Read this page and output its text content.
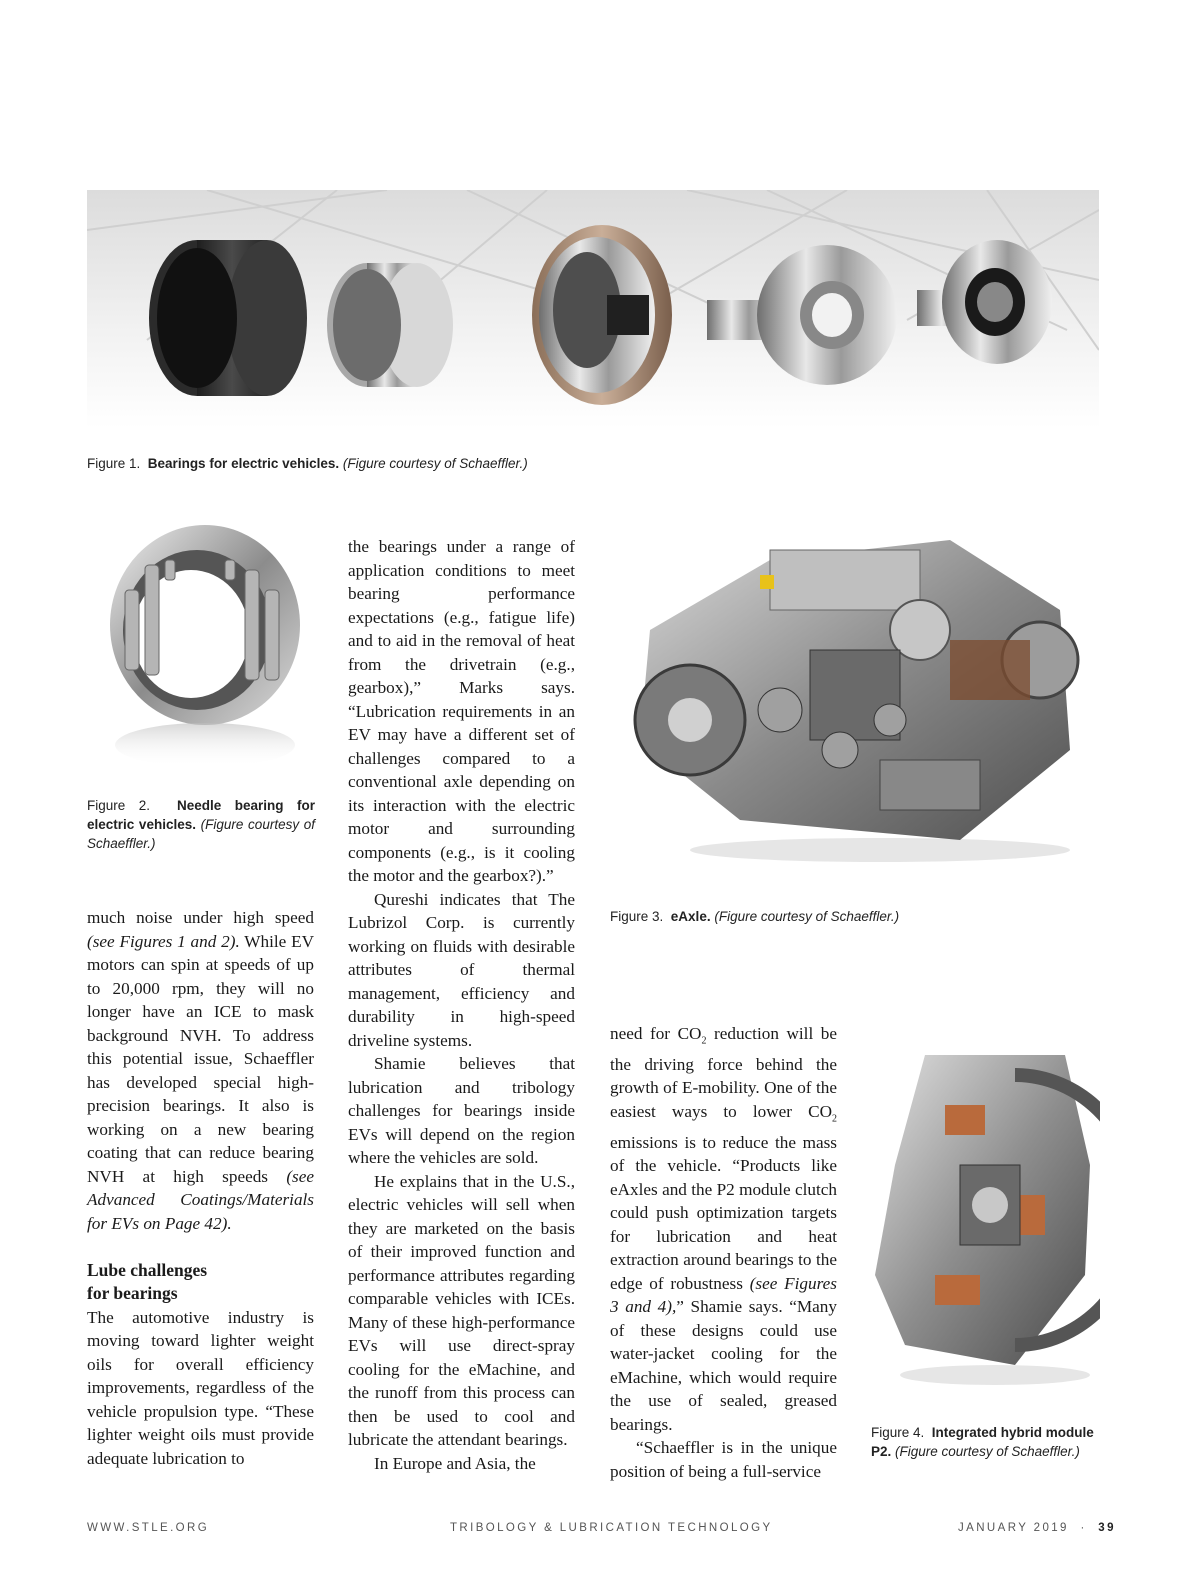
Figure 1. Bearings for electric vehicles. (Figure courtesy of Schaeffler.)
Figure 2. Needle bearing for electric vehicles. (Figure courtesy of Schaeffler.)
Figure 3. eAxle. (Figure courtesy of Schaeffler.)
Figure 4. Integrated hybrid module P2. (Figure courtesy of Schaeffler.)

much noise under high speed (see Figures 1 and 2). While EV motors can spin at speeds of up to 20,000 rpm, they will no longer have an ICE to mask background NVH. To address this potential issue, Schaeffler has developed special high-precision bearings. It also is working on a new bearing coating that can reduce bearing NVH at high speeds (see Advanced Coatings/Materials for EVs on Page 42).

Lube challenges
for bearings

The automotive industry is moving toward lighter weight oils for overall efficiency improvements, regardless of the vehicle propulsion type. “These lighter weight oils must provide adequate lubrication to

the bearings under a range of application conditions to meet bearing performance expectations (e.g., fatigue life) and to aid in the removal of heat from the drivetrain (e.g., gearbox),” Marks says. “Lubrication requirements in an EV may have a different set of challenges compared to a conventional axle depending on its interaction with the electric motor and surrounding components (e.g., is it cooling the motor and the gearbox?).”

Qureshi indicates that The Lubrizol Corp. is currently working on fluids with desirable attributes of thermal management, efficiency and durability in high-speed driveline systems.

Shamie believes that lubrication and tribology challenges for bearings inside EVs will depend on the region where the vehicles are sold.

He explains that in the U.S., electric vehicles will sell when they are marketed on the basis of their improved function and performance attributes regarding comparable vehicles with ICEs. Many of these high-performance EVs will use direct-spray cooling for the eMachine, and the runoff from this process can then be used to cool and lubricate the attendant bearings.

In Europe and Asia, the

need for $CO_2$ reduction will be the driving force behind the growth of E-mobility. One of the easiest ways to lower $CO_2$ emissions is to reduce the mass of the vehicle. “Products like eAxles and the P2 module clutch could push optimization targets for lubrication and heat extraction around bearings to the edge of robustness (see Figures 3 and 4),” Shamie says. “Many of these designs could use water-jacket cooling for the eMachine, which would require the use of sealed, greased bearings.

“Schaeffler is in the unique position of being a full-service

WWW.STLE.ORG	TRIBOLOGY & LUBRICATION TECHNOLOGY	JANUARY 2019 · 39
